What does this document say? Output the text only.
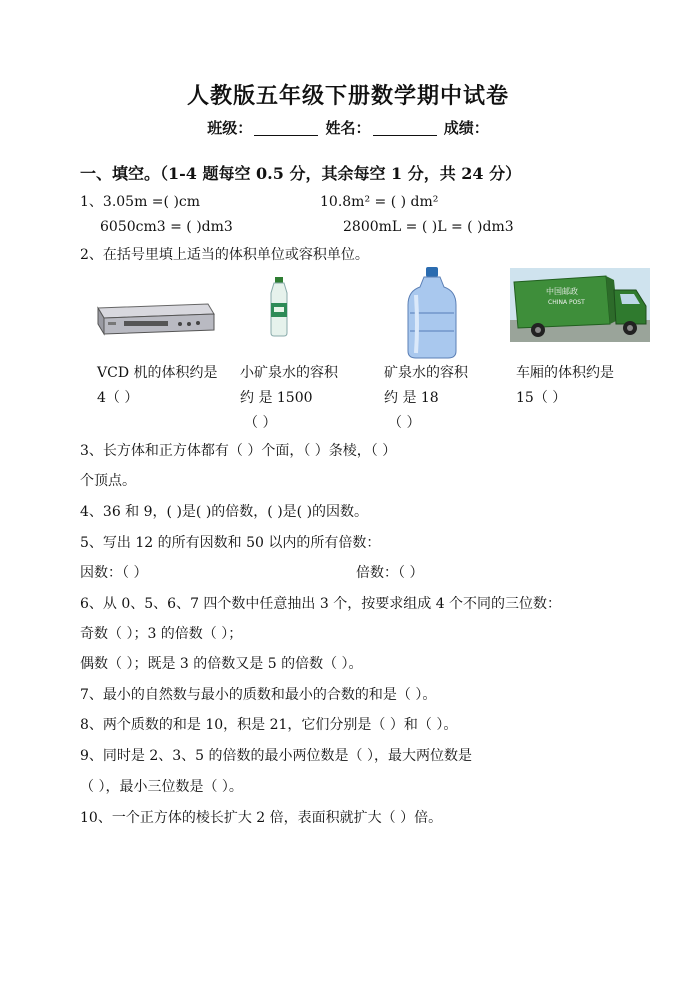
人教版五年级下册数学期中试卷
班级：	姓名：	成绩：
一、填空。（1-4 题每空 0.5 分，其余每空 1 分，共 24 分）
1、3.05m =( )cm	10.8m² = ( ) dm²
6050cm3 = ( )dm3	2800mL = ( )L = ( )dm3
2、在括号里填上适当的体积单位或容积单位。
中国邮政
CHINA POST
VCD 机的体积约是
4（ ）
小矿泉水的容积
约 是 1500
（ ）
矿泉水的容积
约 是 18
（ ）
车厢的体积约是
15（ ）
3、长方体和正方体都有（ ）个面，（ ）条棱，（ ）
个顶点。
4、36 和 9，( )是( )的倍数，( )是( )的因数。
5、写出 12 的所有因数和 50 以内的所有倍数：
因数：（ ）	倍数：（ ）
6、从 0、5、6、7 四个数中任意抽出 3 个，按要求组成 4 个不同的三位数：
奇数（ ）；3 的倍数（ ）；
偶数（ ）；既是 3 的倍数又是 5 的倍数（ ）。
7、最小的自然数与最小的质数和最小的合数的和是（ ）。
8、两个质数的和是 10，积是 21，它们分别是（ ）和（ ）。
9、同时是 2、3、5 的倍数的最小两位数是（ ），最大两位数是
（ ），最小三位数是（ ）。
10、一个正方体的棱长扩大 2 倍，表面积就扩大（ ）倍。
